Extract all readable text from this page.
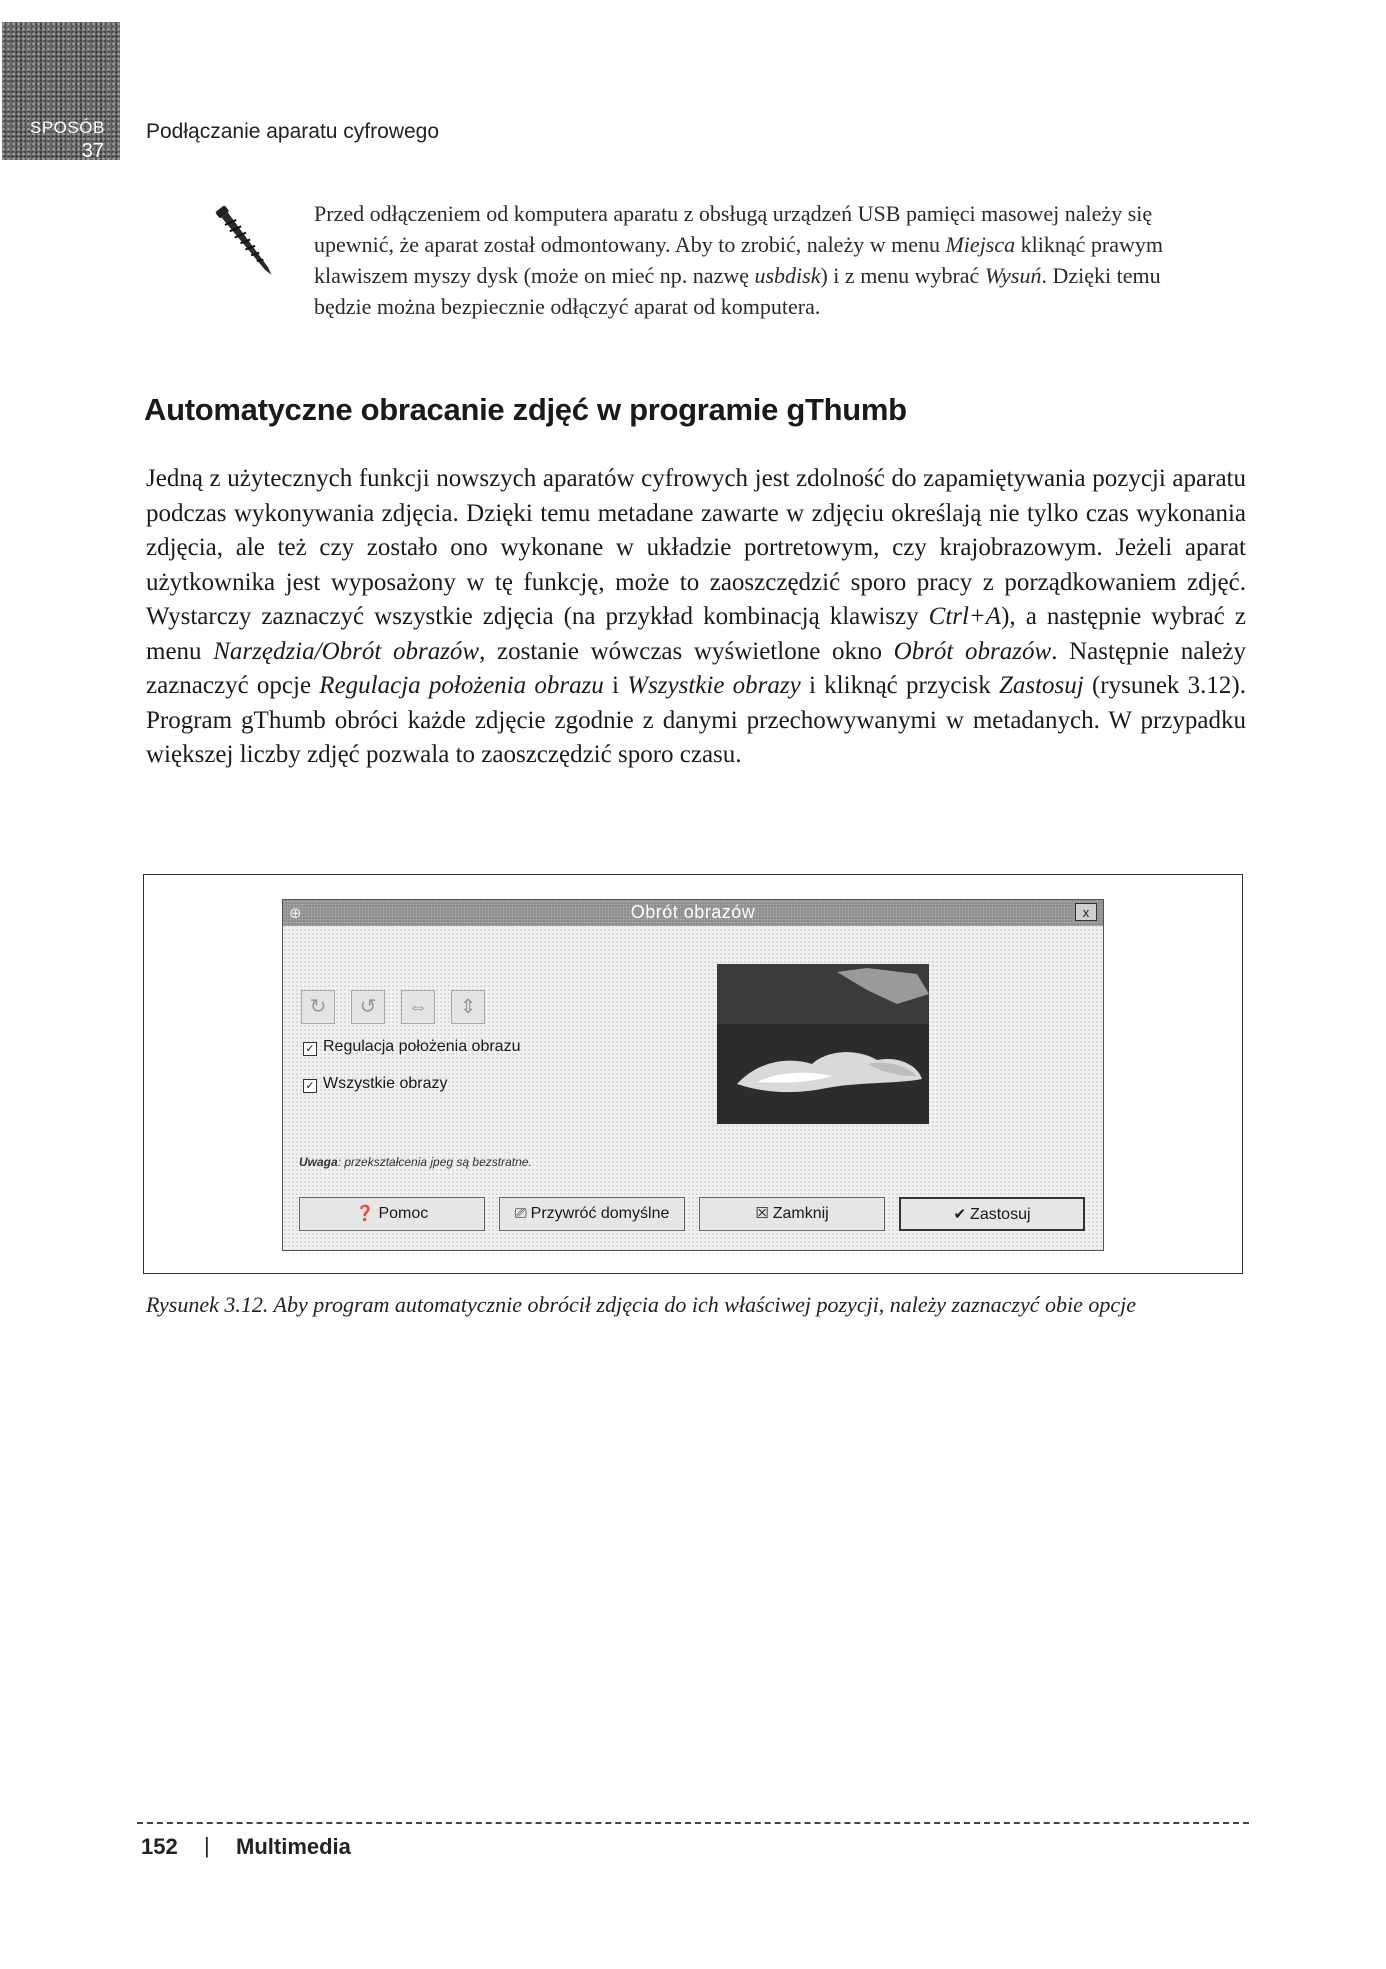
SPOSÓB
37
Podłączanie aparatu cyfrowego

Przed odłączeniem od komputera aparatu z obsługą urządzeń USB pamięci masowej należy się upewnić, że aparat został odmontowany. Aby to zrobić, należy w menu Miejsca kliknąć prawym klawiszem myszy dysk (może on mieć np. nazwę usbdisk) i z menu wybrać Wysuń. Dzięki temu będzie można bezpiecznie odłączyć aparat od komputera.

Automatyczne obracanie zdjęć w programie gThumb

Jedną z użytecznych funkcji nowszych aparatów cyfrowych jest zdolność do zapamiętywania pozycji aparatu podczas wykonywania zdjęcia. Dzięki temu metadane zawarte w zdjęciu określają nie tylko czas wykonania zdjęcia, ale też czy zostało ono wykonane w układzie portretowym, czy krajobrazowym. Jeżeli aparat użytkownika jest wyposażony w tę funkcję, może to zaoszczędzić sporo pracy z porządkowaniem zdjęć. Wystarczy zaznaczyć wszystkie zdjęcia (na przykład kombinacją klawiszy Ctrl+A), a następnie wybrać z menu Narzędzia/Obrót obrazów, zostanie wówczas wyświetlone okno Obrót obrazów. Następnie należy zaznaczyć opcje Regulacja położenia obrazu i Wszystkie obrazy i kliknąć przycisk Zastosuj (rysunek 3.12). Program gThumb obróci każde zdjęcie zgodnie z danymi przechowywanymi w metadanych. W przypadku większej liczby zdjęć pozwala to zaoszczędzić sporo czasu.

⊕	Obrót obrazów	x
↻	↺	⇔	⇕
✓ Regulacja położenia obrazu
✓ Wszystkie obrazy
Uwaga: przekształcenia jpeg są bezstratne.
❓ Pomoc	⎚ Przywróć domyślne	☒ Zamknij	✔ Zastosuj

Rysunek 3.12. Aby program automatycznie obrócił zdjęcia do ich właściwej pozycji, należy zaznaczyć obie opcje

152 | Multimedia
